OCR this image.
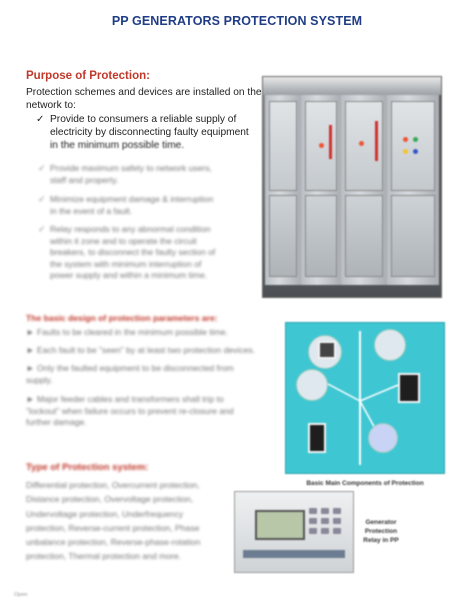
PP GENERATORS PROTECTION SYSTEM
Purpose of Protection:
Protection schemes and devices are installed on the
network to:
✓ Provide to consumers a reliable supply of
electricity by disconnecting faulty equipment
in the minimum possible time.
✓ Provide maximum safety to network users,
staff and property.
✓ Minimize equipment damage & interruption
in the event of a fault.
✓ Relay responds to any abnormal condition
within it zone and to operate the circuit
breakers, to disconnect the faulty section of
the system with minimum interruption of
power supply and within a minimum time.
The basic design of protection parameters are:
► Faults to be cleared in the minimum possible time.
► Each fault to be "seen" by at least two protection devices.
► Only the faulted equipment to be disconnected from
supply.
► Major feeder cables and transformers shall trip to
"lockout" when failure occurs to prevent re-closure and
further damage.
Type of Protection system:
Differential protection, Overcurrent protection,
Distance protection, Overvoltage protection,
Undervoltage protection, Underfrequency
protection, Reverse-current protection, Phase
unbalance protection, Reverse-phase-rotation
protection, Thermal protection and more.
Basic Main Components of Protection
Generator
Protection
Relay in PP
Open
